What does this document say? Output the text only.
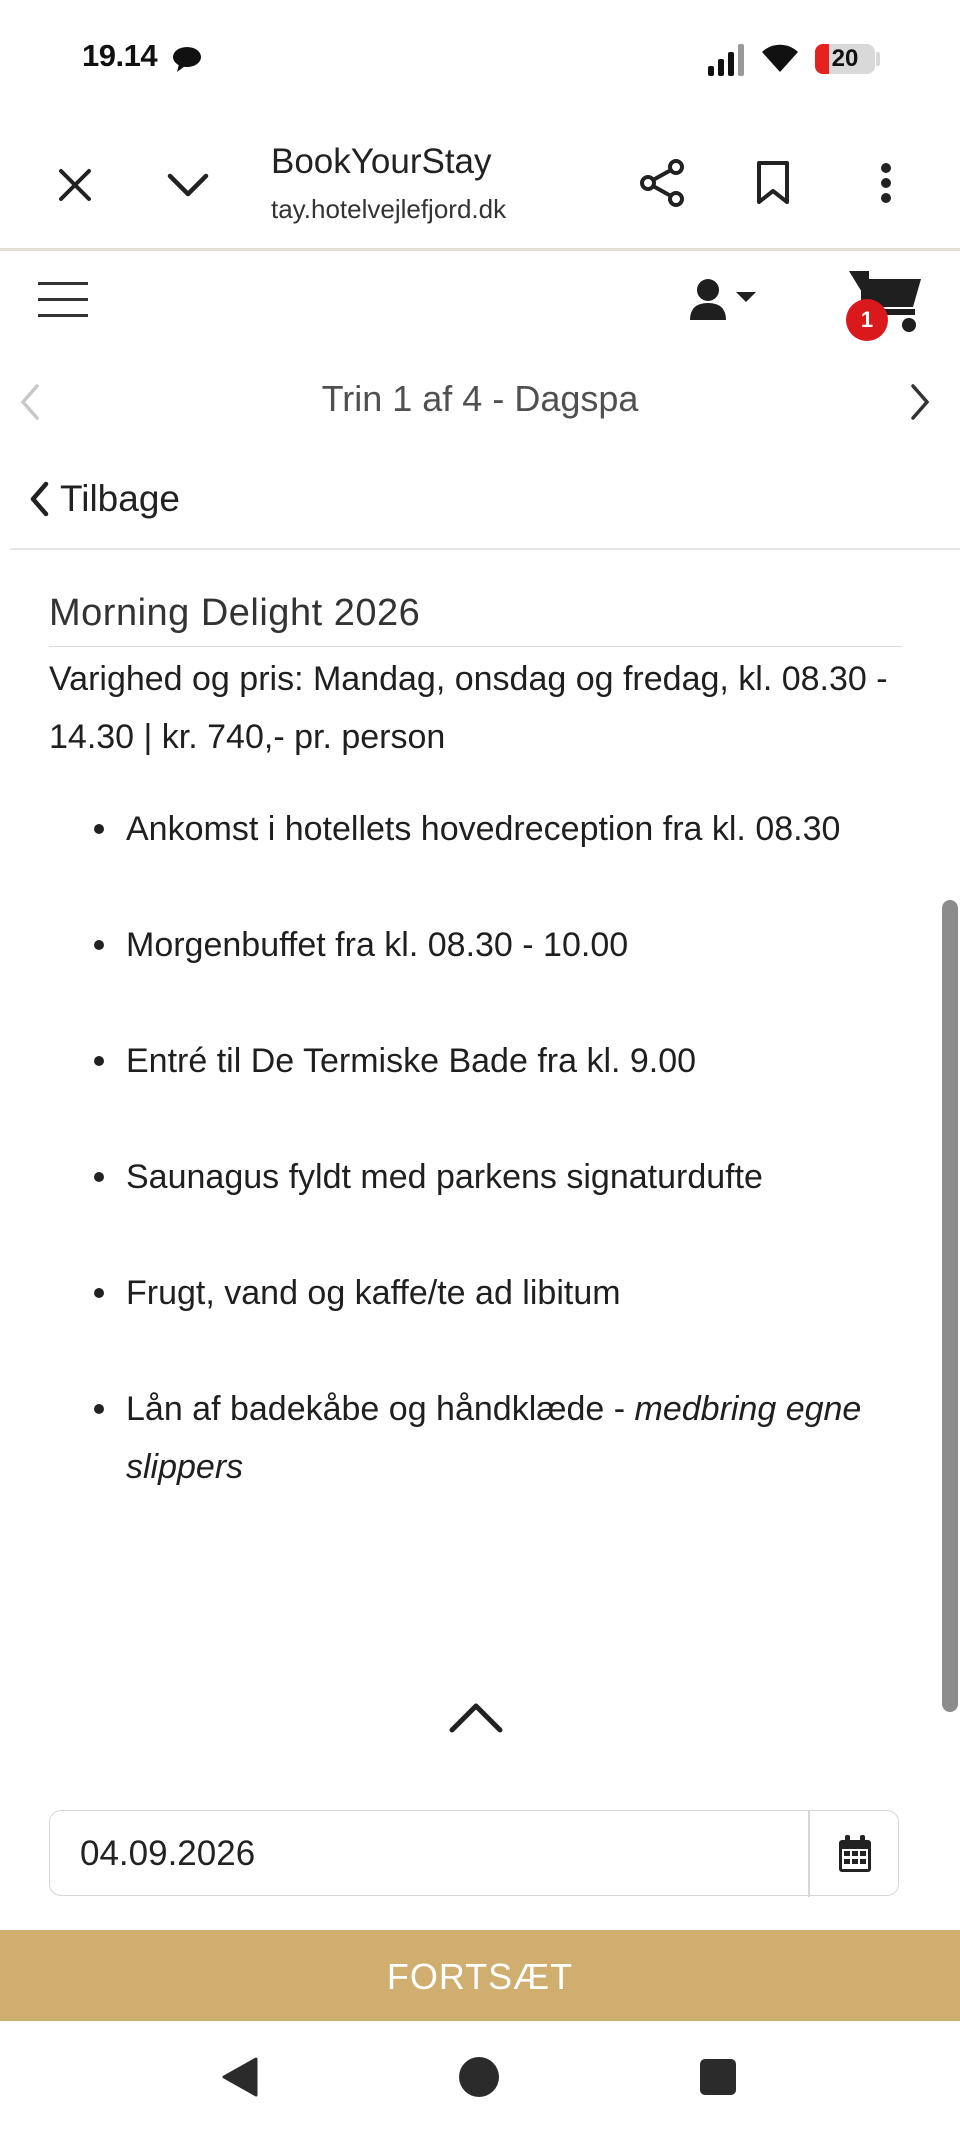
19.14	20
BookYourStay
tay.hotelvejlefjord.dk
1
Trin 1 af 4 - Dagspa
Tilbage
Morning Delight 2026
Varighed og pris: Mandag, onsdag og fredag, kl. 08.30 - 14.30 | kr. 740,- pr. person
Ankomst i hotellets hovedreception fra kl. 08.30
Morgenbuffet fra kl. 08.30 - 10.00
Entré til De Termiske Bade fra kl. 9.00
Saunagus fyldt med parkens signaturdufte
Frugt, vand og kaffe/te ad libitum
Lån af badekåbe og håndklæde - medbring egne slippers
04.09.2026
FORTSÆT
